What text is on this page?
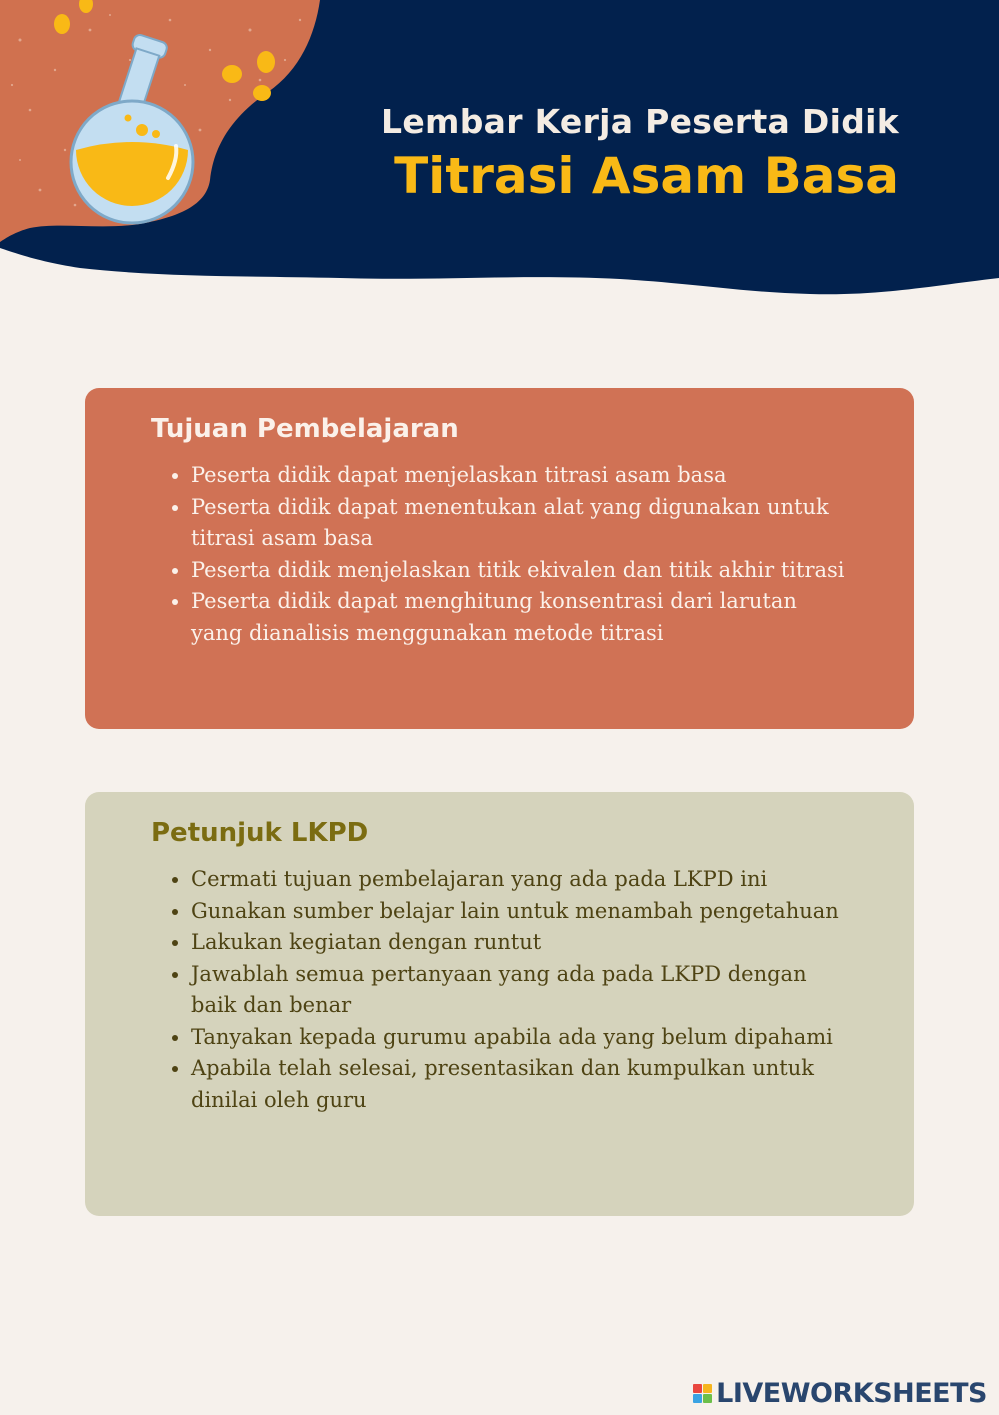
Lembar Kerja Peserta Didik
Titrasi Asam Basa
Tujuan Pembelajaran
• Peserta didik dapat menjelaskan titrasi asam basa
• Peserta didik dapat menentukan alat yang digunakan untuk titrasi asam basa
• Peserta didik menjelaskan titik ekivalen dan titik akhir titrasi
• Peserta didik dapat menghitung konsentrasi dari larutan yang dianalisis menggunakan metode titrasi
Petunjuk LKPD
• Cermati tujuan pembelajaran yang ada pada LKPD ini
• Gunakan sumber belajar lain untuk menambah pengetahuan
• Lakukan kegiatan dengan runtut
• Jawablah semua pertanyaan yang ada pada LKPD dengan baik dan benar
• Tanyakan kepada gurumu apabila ada yang belum dipahami
• Apabila telah selesai, presentasikan dan kumpulkan untuk dinilai oleh guru
LIVEWORKSHEETS
